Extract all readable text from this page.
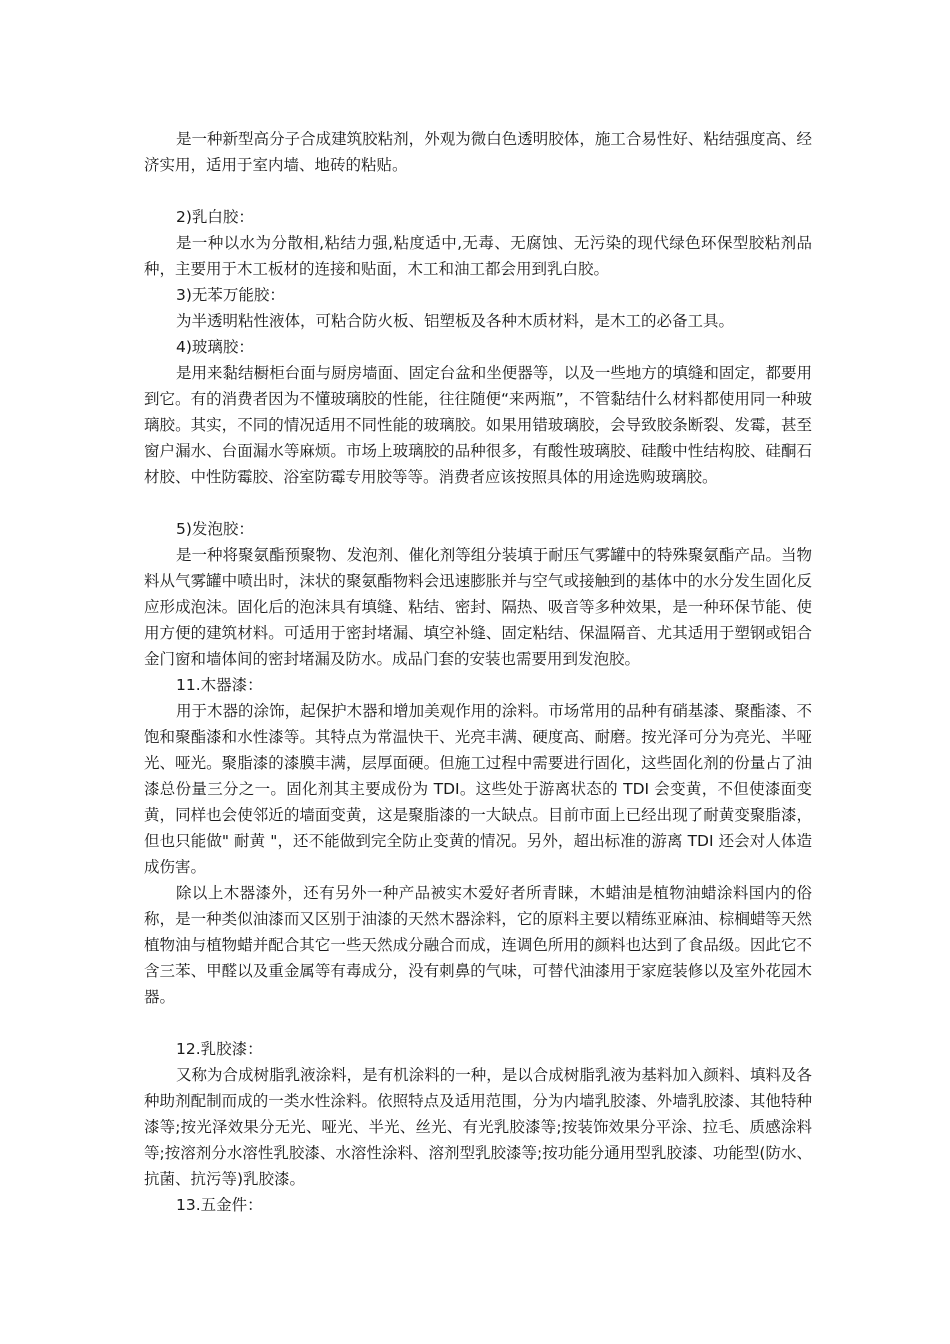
是一种新型高分子合成建筑胶粘剂，外观为微白色透明胶体，施工合易性好、粘结强度高、经济实用，适用于室内墙、地砖的粘贴。

2)乳白胶：

是一种以水为分散相,粘结力强,粘度适中,无毒、无腐蚀、无污染的现代绿色环保型胶粘剂品种，主要用于木工板材的连接和贴面，木工和油工都会用到乳白胶。

3)无苯万能胶：

为半透明粘性液体，可粘合防火板、铝塑板及各种木质材料，是木工的必备工具。

4)玻璃胶：

是用来黏结橱柜台面与厨房墙面、固定台盆和坐便器等，以及一些地方的填缝和固定，都要用到它。有的消费者因为不懂玻璃胶的性能，往往随便“来两瓶”，不管黏结什么材料都使用同一种玻璃胶。其实，不同的情况适用不同性能的玻璃胶。如果用错玻璃胶，会导致胶条断裂、发霉，甚至窗户漏水、台面漏水等麻烦。市场上玻璃胶的品种很多，有酸性玻璃胶、硅酸中性结构胶、硅酮石材胶、中性防霉胶、浴室防霉专用胶等等。消费者应该按照具体的用途选购玻璃胶。

5)发泡胶：

是一种将聚氨酯预聚物、发泡剂、催化剂等组分装填于耐压气雾罐中的特殊聚氨酯产品。当物料从气雾罐中喷出时，沫状的聚氨酯物料会迅速膨胀并与空气或接触到的基体中的水分发生固化反应形成泡沫。固化后的泡沫具有填缝、粘结、密封、隔热、吸音等多种效果，是一种环保节能、使用方便的建筑材料。可适用于密封堵漏、填空补缝、固定粘结、保温隔音、尤其适用于塑钢或铝合金门窗和墙体间的密封堵漏及防水。成品门套的安装也需要用到发泡胶。

11.木器漆：

用于木器的涂饰，起保护木器和增加美观作用的涂料。市场常用的品种有硝基漆、聚酯漆、不饱和聚酯漆和水性漆等。其特点为常温快干、光亮丰满、硬度高、耐磨。按光泽可分为亮光、半哑光、哑光。聚脂漆的漆膜丰满，层厚面硬。但施工过程中需要进行固化，这些固化剂的份量占了油漆总份量三分之一。固化剂其主要成份为 TDI。这些处于游离状态的 TDI 会变黄，不但使漆面变黄，同样也会使邻近的墙面变黄，这是聚脂漆的一大缺点。目前市面上已经出现了耐黄变聚脂漆，但也只能做" 耐黄 "，还不能做到完全防止变黄的情况。另外，超出标准的游离 TDI 还会对人体造成伤害。

除以上木器漆外，还有另外一种产品被实木爱好者所青睐，木蜡油是植物油蜡涂料国内的俗称，是一种类似油漆而又区别于油漆的天然木器涂料，它的原料主要以精练亚麻油、棕榈蜡等天然植物油与植物蜡并配合其它一些天然成分融合而成，连调色所用的颜料也达到了食品级。因此它不含三苯、甲醛以及重金属等有毒成分，没有刺鼻的气味，可替代油漆用于家庭装修以及室外花园木器。

12.乳胶漆：

又称为合成树脂乳液涂料，是有机涂料的一种，是以合成树脂乳液为基料加入颜料、填料及各种助剂配制而成的一类水性涂料。依照特点及适用范围，分为内墙乳胶漆、外墙乳胶漆、其他特种漆等;按光泽效果分无光、哑光、半光、丝光、有光乳胶漆等;按装饰效果分平涂、拉毛、质感涂料等;按溶剂分水溶性乳胶漆、水溶性涂料、溶剂型乳胶漆等;按功能分通用型乳胶漆、功能型(防水、抗菌、抗污等)乳胶漆。

13.五金件：
